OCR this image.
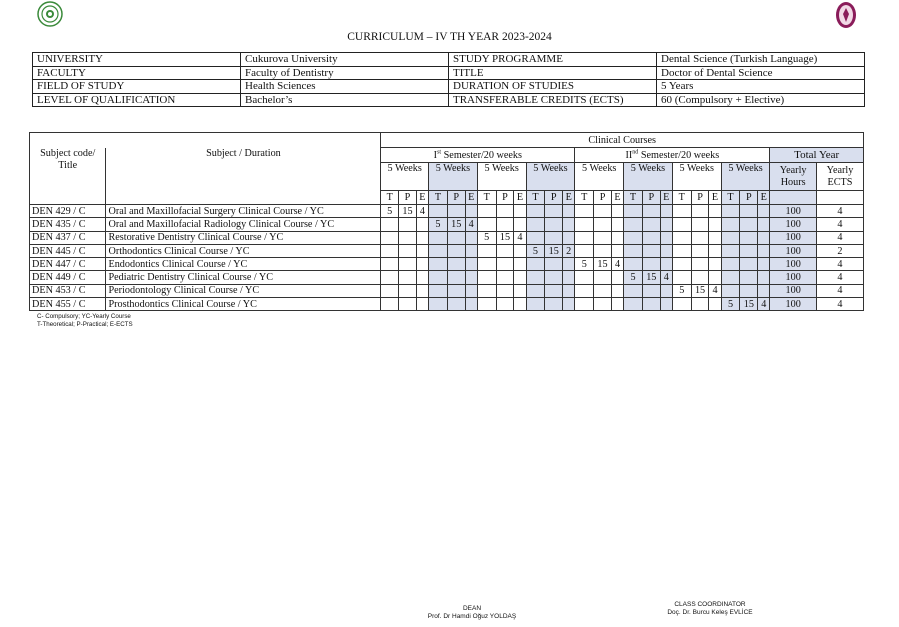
CURRICULUM – IV TH YEAR 2023-2024
UNIVERSITY	Cukurova University	STUDY PROGRAMME	Dental Science (Turkish Language)
FACULTY	Faculty of Dentistry	TITLE	Doctor of Dental Science
FIELD OF STUDY	Health Sciences	DURATION OF STUDIES	5 Years
LEVEL OF QUALIFICATION	Bachelor’s	TRANSFERABLE CREDITS (ECTS)	60 (Compulsory + Elective)
		Clinical Courses																									
Subject code/ Title	Subject / Duration	Ist Semester/20 weeks												IInd Semester/20 weeks												Total Year	
		5 Weeks			5 Weeks			5 Weeks			5 Weeks			5 Weeks			5 Weeks			5 Weeks			5 Weeks			Yearly Hours	Yearly ECTS
		T	P	E	T	P	E	T	P	E	T	P	E	T	P	E	T	P	E	T	P	E	T	P	E		
DEN 429 / C	Oral and Maxillofacial Surgery Clinical Course / YC	5	15	4																						100	4
DEN 435 / C	Oral and Maxillofacial Radiology Clinical Course / YC				5	15	4																			100	4
DEN 437 / C	Restorative Dentistry Clinical Course / YC							5	15	4																100	4
DEN 445 / C	Orthodontics Clinical Course / YC										5	15	2													100	2
DEN 447 / C	Endodontics Clinical Course / YC													5	15	4										100	4
DEN 449 / C	Pediatric Dentistry Clinical Course / YC																5	15	4							100	4
DEN 453 / C	Periodontology Clinical Course / YC																			5	15	4				100	4
DEN 455 / C	Prosthodontics Clinical Course / YC																						5	15	4	100	4
C- Compulsory; YC-Yearly Course
T-Theoretical; P-Practical; E-ECTS
DEAN
Prof. Dr Hamdi Oğuz YOLDAŞ
CLASS COORDINATOR
Doç. Dr. Burcu Keleş EVLİCE
